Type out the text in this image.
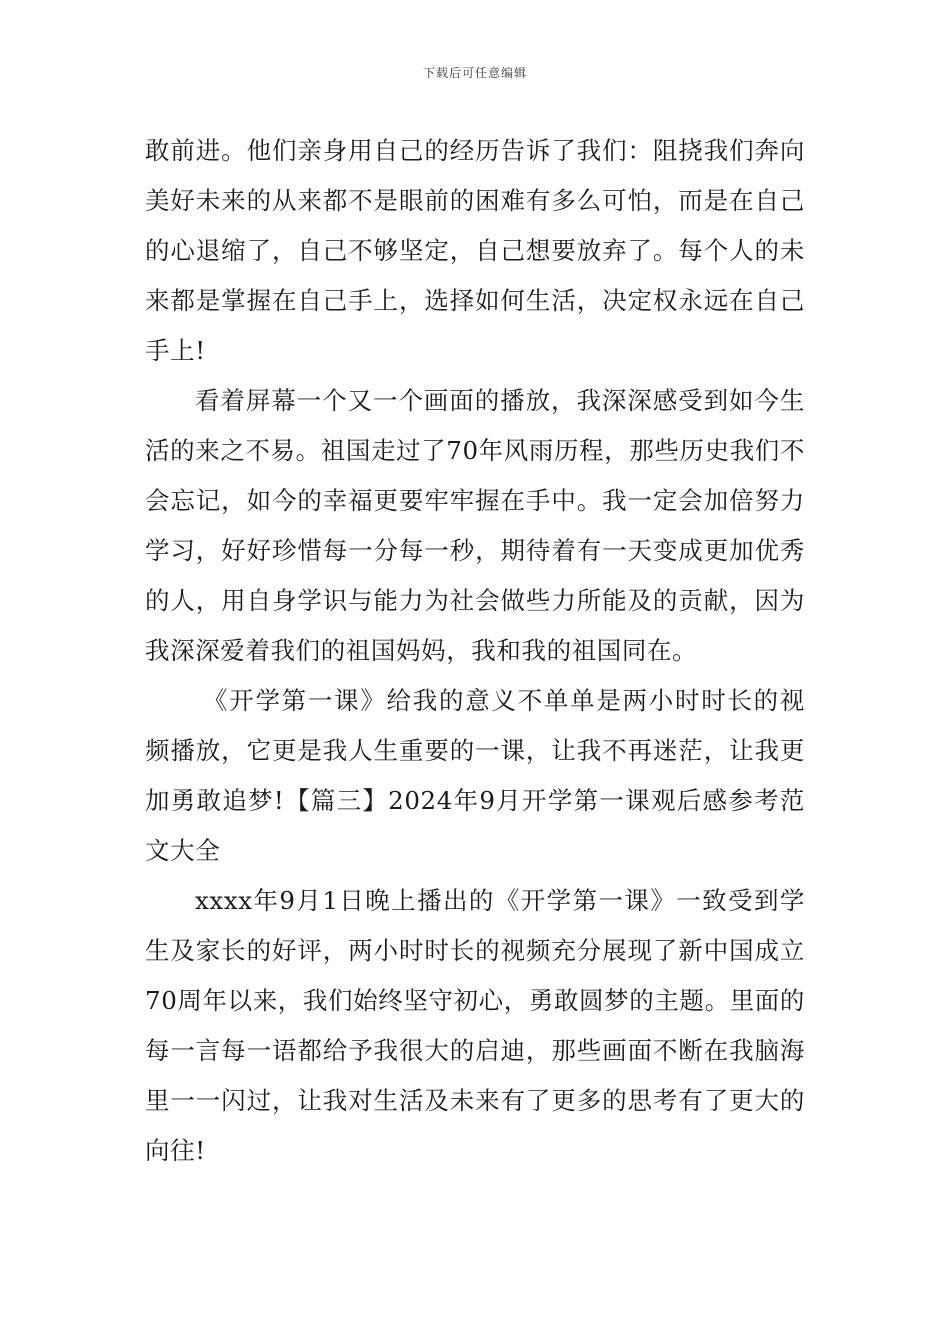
下载后可任意编辑

敢前进。他们亲身用自己的经历告诉了我们：阻挠我们奔向美好未来的从来都不是眼前的困难有多么可怕，而是在自己的心退缩了，自己不够坚定，自己想要放弃了。每个人的未来都是掌握在自己手上，选择如何生活，决定权永远在自己手上!

看着屏幕一个又一个画面的播放，我深深感受到如今生活的来之不易。祖国走过了70年风雨历程，那些历史我们不会忘记，如今的幸福更要牢牢握在手中。我一定会加倍努力学习，好好珍惜每一分每一秒，期待着有一天变成更加优秀的人，用自身学识与能力为社会做些力所能及的贡献，因为我深深爱着我们的祖国妈妈，我和我的祖国同在。

《开学第一课》给我的意义不单单是两小时时长的视频播放，它更是我人生重要的一课，让我不再迷茫，让我更加勇敢追梦!【篇三】2024年9月开学第一课观后感参考范文大全

xxxx年9月1日晚上播出的《开学第一课》一致受到学生及家长的好评，两小时时长的视频充分展现了新中国成立70周年以来，我们始终坚守初心，勇敢圆梦的主题。里面的每一言每一语都给予我很大的启迪，那些画面不断在我脑海里一一闪过，让我对生活及未来有了更多的思考有了更大的向往!
